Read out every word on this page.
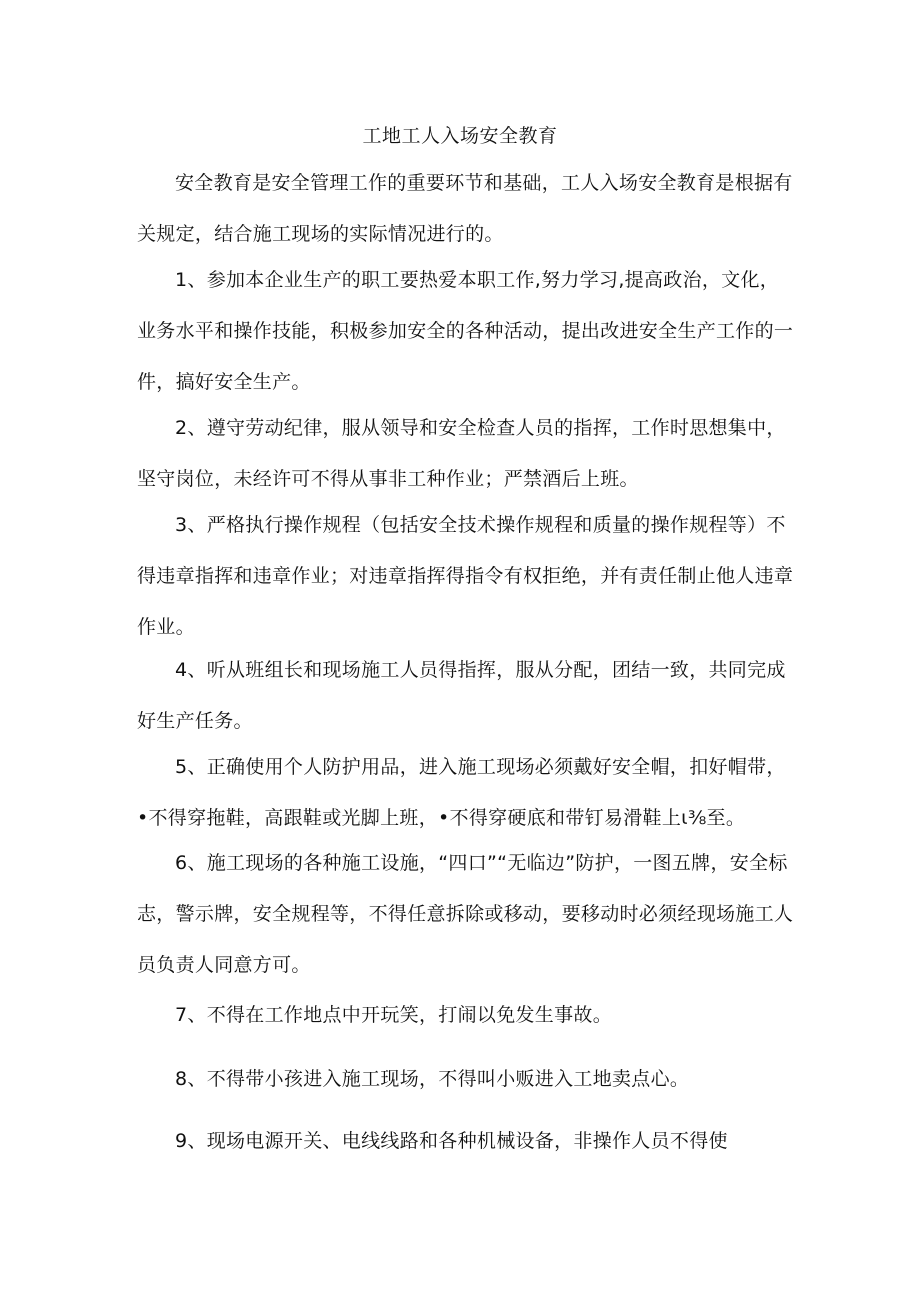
工地工人入场安全教育

安全教育是安全管理工作的重要环节和基础，工人入场安全教育是根据有关规定，结合施工现场的实际情况进行的。

1、参加本企业生产的职工要热爱本职工作,努力学习,提高政治，文化，业务水平和操作技能，积极参加安全的各种活动，提出改进安全生产工作的一件，搞好安全生产。

2、遵守劳动纪律，服从领导和安全检查人员的指挥，工作时思想集中，坚守岗位，未经许可不得从事非工种作业；严禁酒后上班。

3、严格执行操作规程（包括安全技术操作规程和质量的操作规程等）不得违章指挥和违章作业；对违章指挥得指令有权拒绝，并有责任制止他人违章作业。

4、听从班组长和现场施工人员得指挥，服从分配，团结一致，共同完成好生产任务。

5、正确使用个人防护用品，进入施工现场必须戴好安全帽，扣好帽带，•不得穿拖鞋，高跟鞋或光脚上班，•不得穿硬底和带钉易滑鞋上ι⅜至。

6、施工现场的各种施工设施，“四口”“无临边”防护，一图五牌，安全标志，警示牌，安全规程等，不得任意拆除或移动，要移动时必须经现场施工人员负责人同意方可。

7、不得在工作地点中开玩笑，打闹以免发生事故。

8、不得带小孩进入施工现场，不得叫小贩进入工地卖点心。

9、现场电源开关、电线线路和各种机械设备，非操作人员不得使
